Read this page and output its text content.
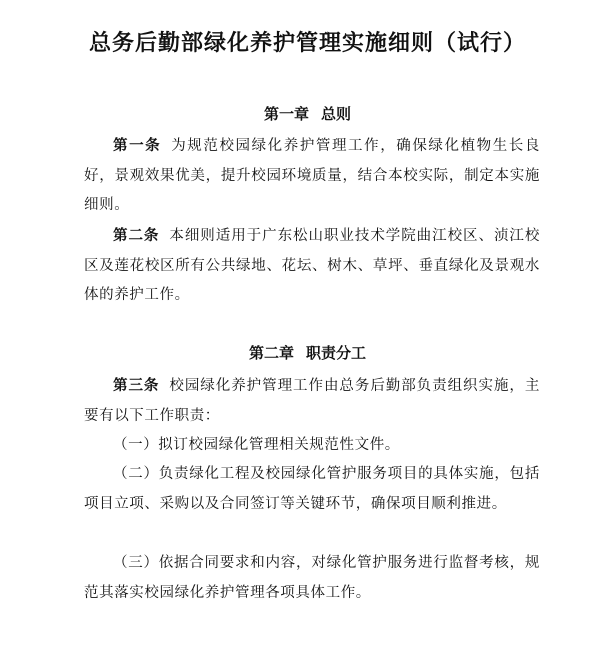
总务后勤部绿化养护管理实施细则（试行）
第一章 总则
第一条 为规范校园绿化养护管理工作，确保绿化植物生长良好，景观效果优美，提升校园环境质量，结合本校实际，制定本实施细则。
第二条 本细则适用于广东松山职业技术学院曲江校区、浈江校区及莲花校区所有公共绿地、花坛、树木、草坪、垂直绿化及景观水体的养护工作。
第二章 职责分工
第三条 校园绿化养护管理工作由总务后勤部负责组织实施，主要有以下工作职责：
（一）拟订校园绿化管理相关规范性文件。
（二）负责绿化工程及校园绿化管护服务项目的具体实施，包括项目立项、采购以及合同签订等关键环节，确保项目顺利推进。
（三）依据合同要求和内容，对绿化管护服务进行监督考核，规范其落实校园绿化养护管理各项具体工作。
